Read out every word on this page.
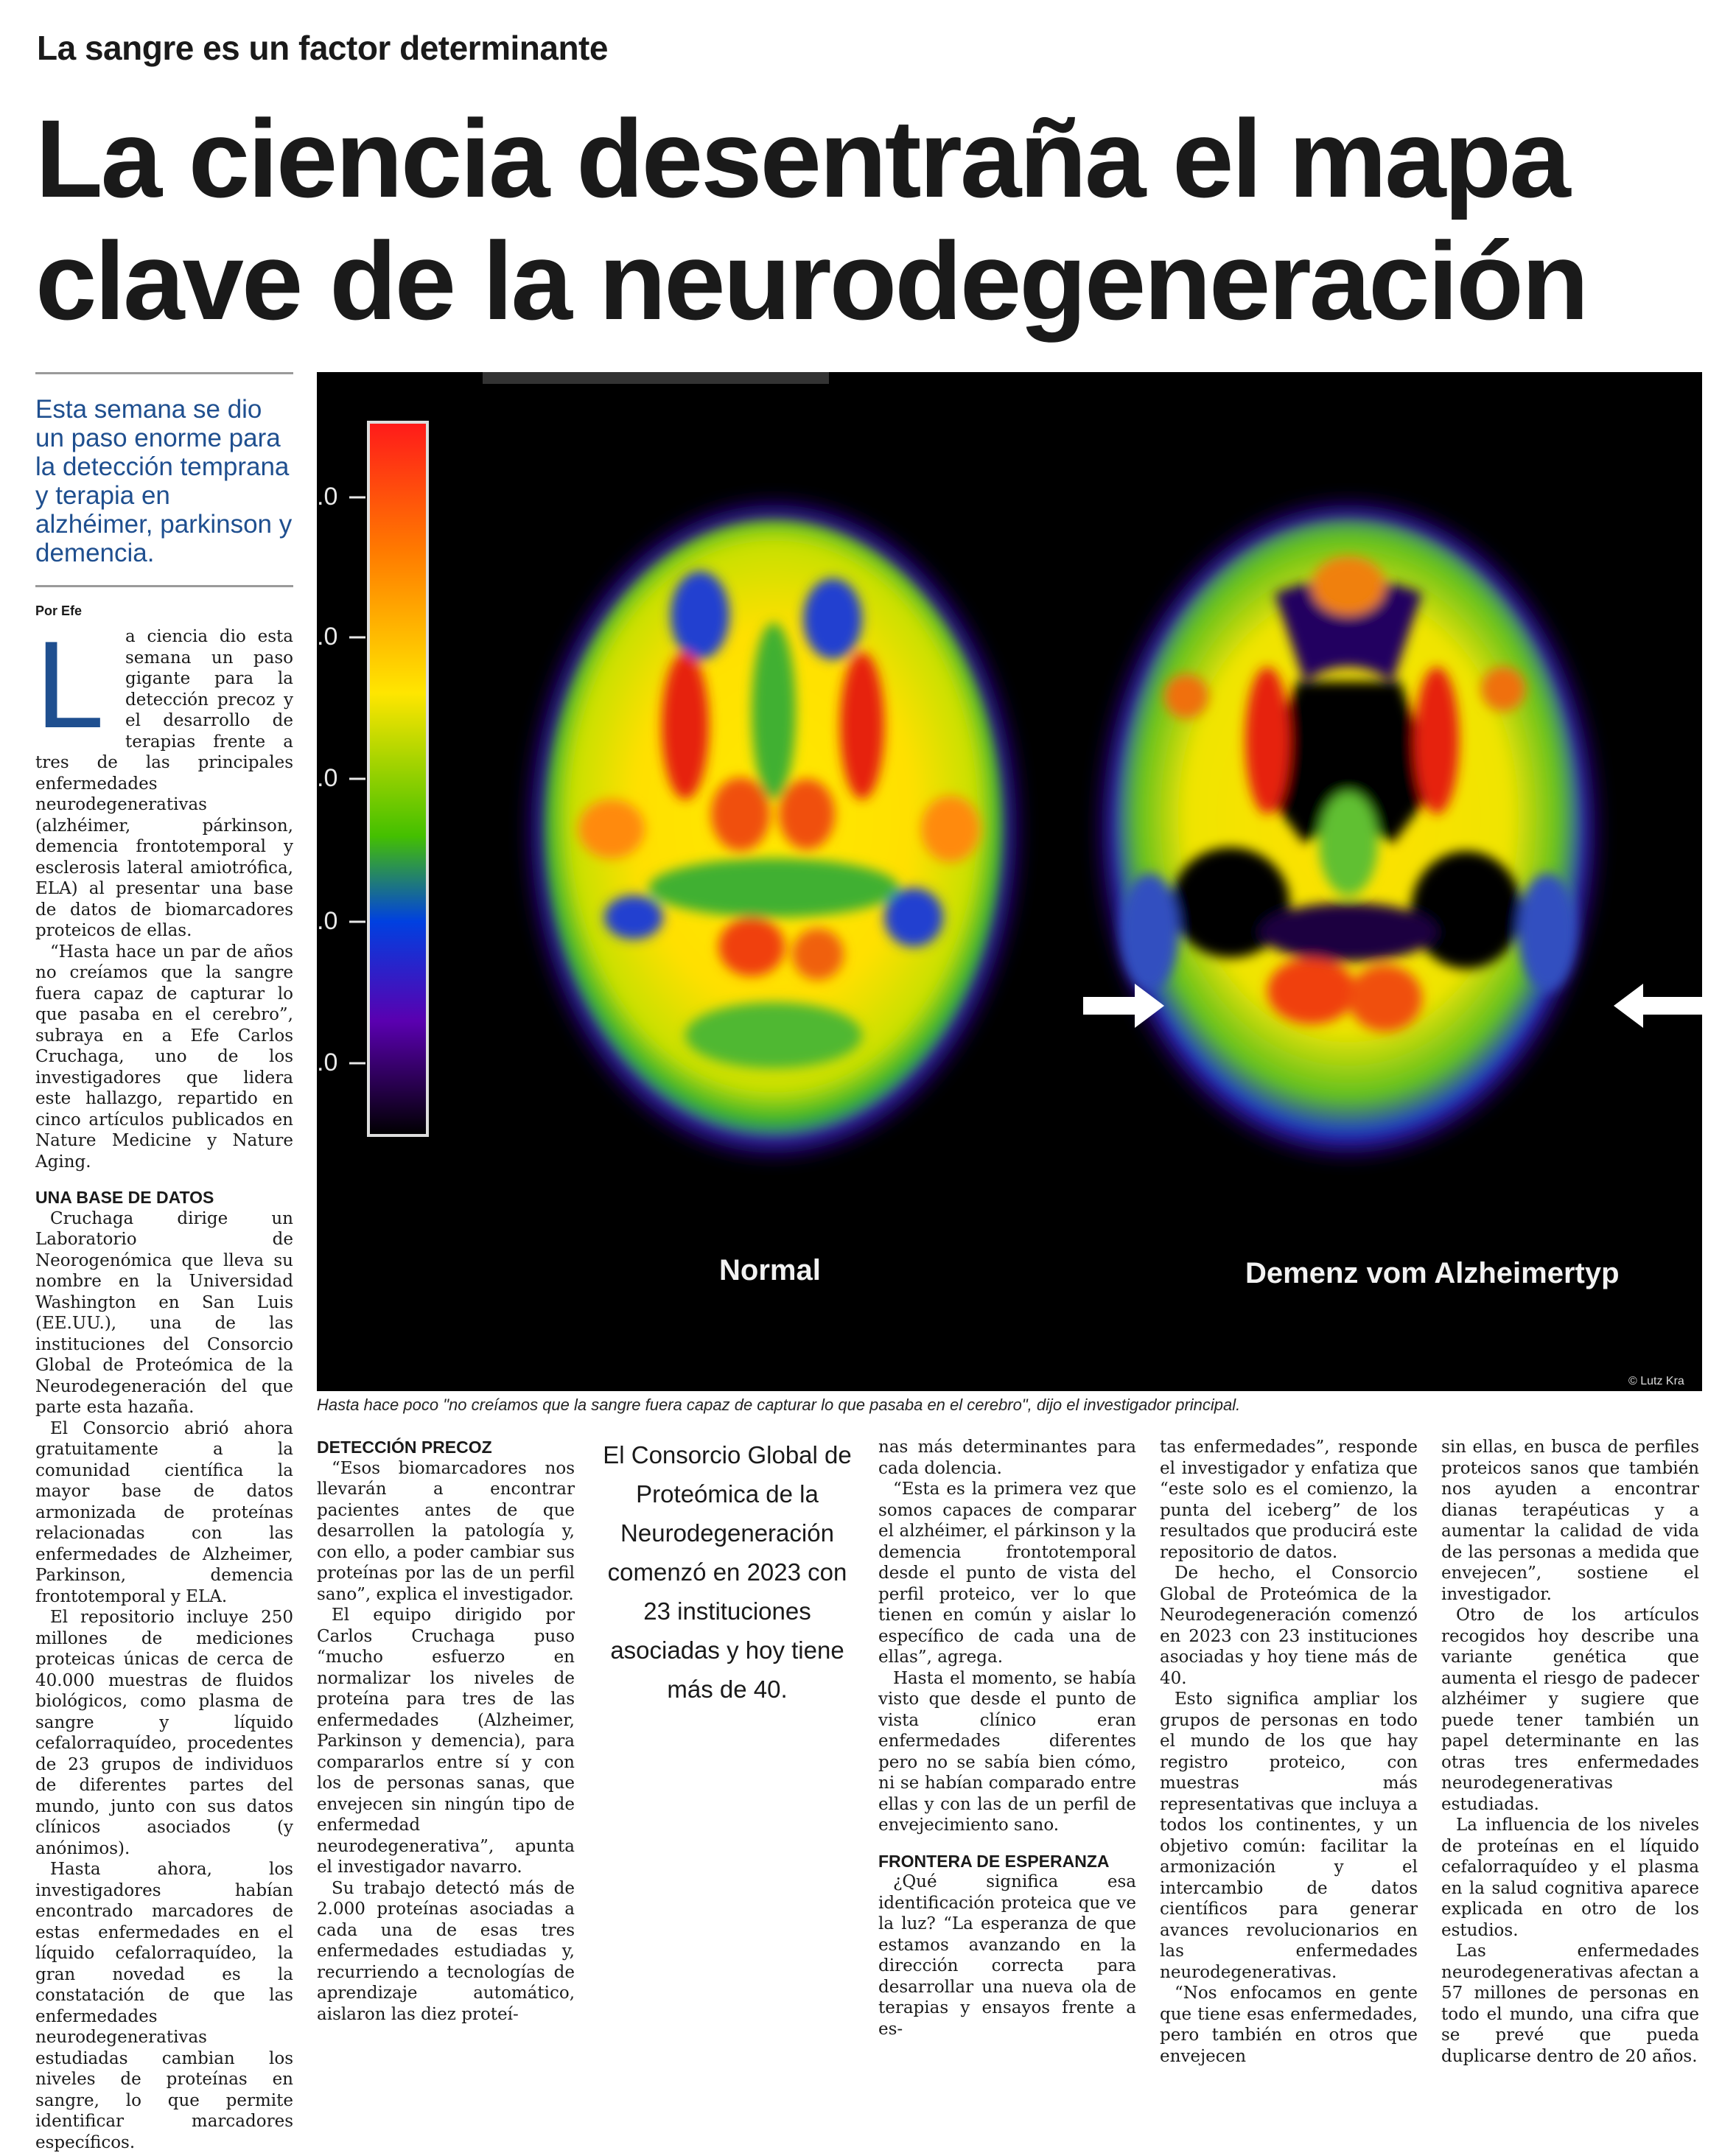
La sangre es un factor determinante
La ciencia desentraña el mapa
clave de la neurodegeneración
Esta semana se dio un paso enorme para la detección temprana y terapia en alzhéimer, parkinson y demencia.
Por Efe
L	a ciencia dio esta semana un paso gigante para la detección precoz y el desarrollo de terapias frente a tres de las principales enfermedades neurodegenerativas (alzhéimer, párkinson, demencia frontotemporal y esclerosis lateral amiotrófica, ELA) al presentar una base de datos de biomarcadores proteicos de ellas.

“Hasta hace un par de años no creíamos que la sangre fuera capaz de capturar lo que pasaba en el cerebro”, subraya en a Efe Carlos Cruchaga, uno de los investigadores que lidera este hallazgo, repartido en cinco artículos publicados en Nature Medicine y Nature Aging.

UNA BASE DE DATOS

Cruchaga dirige un Laboratorio de Neorogenómica que lleva su nombre en la Universidad Washington en San Luis (EE.UU.), una de las instituciones del Consorcio Global de Proteómica de la Neurodegeneración del que parte esta hazaña.

El Consorcio abrió ahora gratuitamente a la comunidad científica la mayor base de datos armonizada de proteínas relacionadas con las enfermedades de Alzheimer, Parkinson, demencia frontotemporal y ELA.

El repositorio incluye 250 millones de mediciones proteicas únicas de cerca de 40.000 muestras de fluidos biológicos, como plasma de sangre y líquido cefalorraquídeo, procedentes de 23 grupos de individuos de diferentes partes del mundo, junto con sus datos clínicos asociados (y anónimos).

Hasta ahora, los investigadores habían encontrado marcadores de estas enfermedades en el líquido cefalorraquídeo, la gran novedad es la constatación de que las enfermedades neurodegenerativas estudiadas cambian los niveles de proteínas en sangre, lo que permite identificar marcadores específicos.

.0
.0
.0
.0
.0
Normal	Demenz vom Alzheimertyp
© Lutz Kra
Hasta hace poco "no creíamos que la sangre fuera capaz de capturar lo que pasaba en el cerebro", dijo el investigador principal.
DETECCIÓN PRECOZ

“Esos biomarcadores nos llevarán a encontrar pacientes antes de que desarrollen la patología y, con ello, a poder cambiar sus proteínas por las de un perfil sano”, explica el investigador.

El equipo dirigido por Carlos Cruchaga puso “mucho esfuerzo en normalizar los niveles de proteína para tres de las enfermedades (Alzheimer, Parkinson y demencia), para compararlos entre sí y con los de personas sanas, que envejecen sin ningún tipo de enfermedad neurodegenerativa”, apunta el investigador navarro.

Su trabajo detectó más de 2.000 proteínas asociadas a cada una de esas tres enfermedades estudiadas y, recurriendo a tecnologías de aprendizaje automático, aislaron las diez proteí-

El Consorcio Global de Proteómica de la Neurodegeneración comenzó en 2023 con 23 instituciones asociadas y hoy tiene más de 40.

nas más determinantes para cada dolencia.

“Esta es la primera vez que somos capaces de comparar el alzhéimer, el párkinson y la demencia frontotemporal desde el punto de vista del perfil proteico, ver lo que tienen en común y aislar lo específico de cada una de ellas”, agrega.

Hasta el momento, se había visto que desde el punto de vista clínico eran enfermedades diferentes pero no se sabía bien cómo, ni se habían comparado entre ellas y con las de un perfil de envejecimiento sano.

FRONTERA DE ESPERANZA

¿Qué significa esa identificación proteica que ve la luz? “La esperanza de que estamos avanzando en la dirección correcta para desarrollar una nueva ola de terapias y ensayos frente a es-

tas enfermedades”, responde el investigador y enfatiza que “este solo es el comienzo, la punta del iceberg” de los resultados que producirá este repositorio de datos.

De hecho, el Consorcio Global de Proteómica de la Neurodegeneración comenzó en 2023 con 23 instituciones asociadas y hoy tiene más de 40.

Esto significa ampliar los grupos de personas en todo el mundo de los que hay registro proteico, con muestras más representativas que incluya a todos los continentes, y un objetivo común: facilitar la armonización y el intercambio de datos científicos para generar avances revolucionarios en las enfermedades neurodegenerativas.

“Nos enfocamos en gente que tiene esas enfermedades, pero también en otros que envejecen

sin ellas, en busca de perfiles proteicos sanos que también nos ayuden a encontrar dianas terapéuticas y a aumentar la calidad de vida de las personas a medida que envejecen”, sostiene el investigador.

Otro de los artículos recogidos hoy describe una variante genética que aumenta el riesgo de padecer alzhéimer y sugiere que puede tener también un papel determinante en las otras tres enfermedades neurodegenerativas estudiadas.

La influencia de los niveles de proteínas en el líquido cefalorraquídeo y el plasma en la salud cognitiva aparece explicada en otro de los estudios.

Las enfermedades neurodegenerativas afectan a 57 millones de personas en todo el mundo, una cifra que se prevé que pueda duplicarse dentro de 20 años.
